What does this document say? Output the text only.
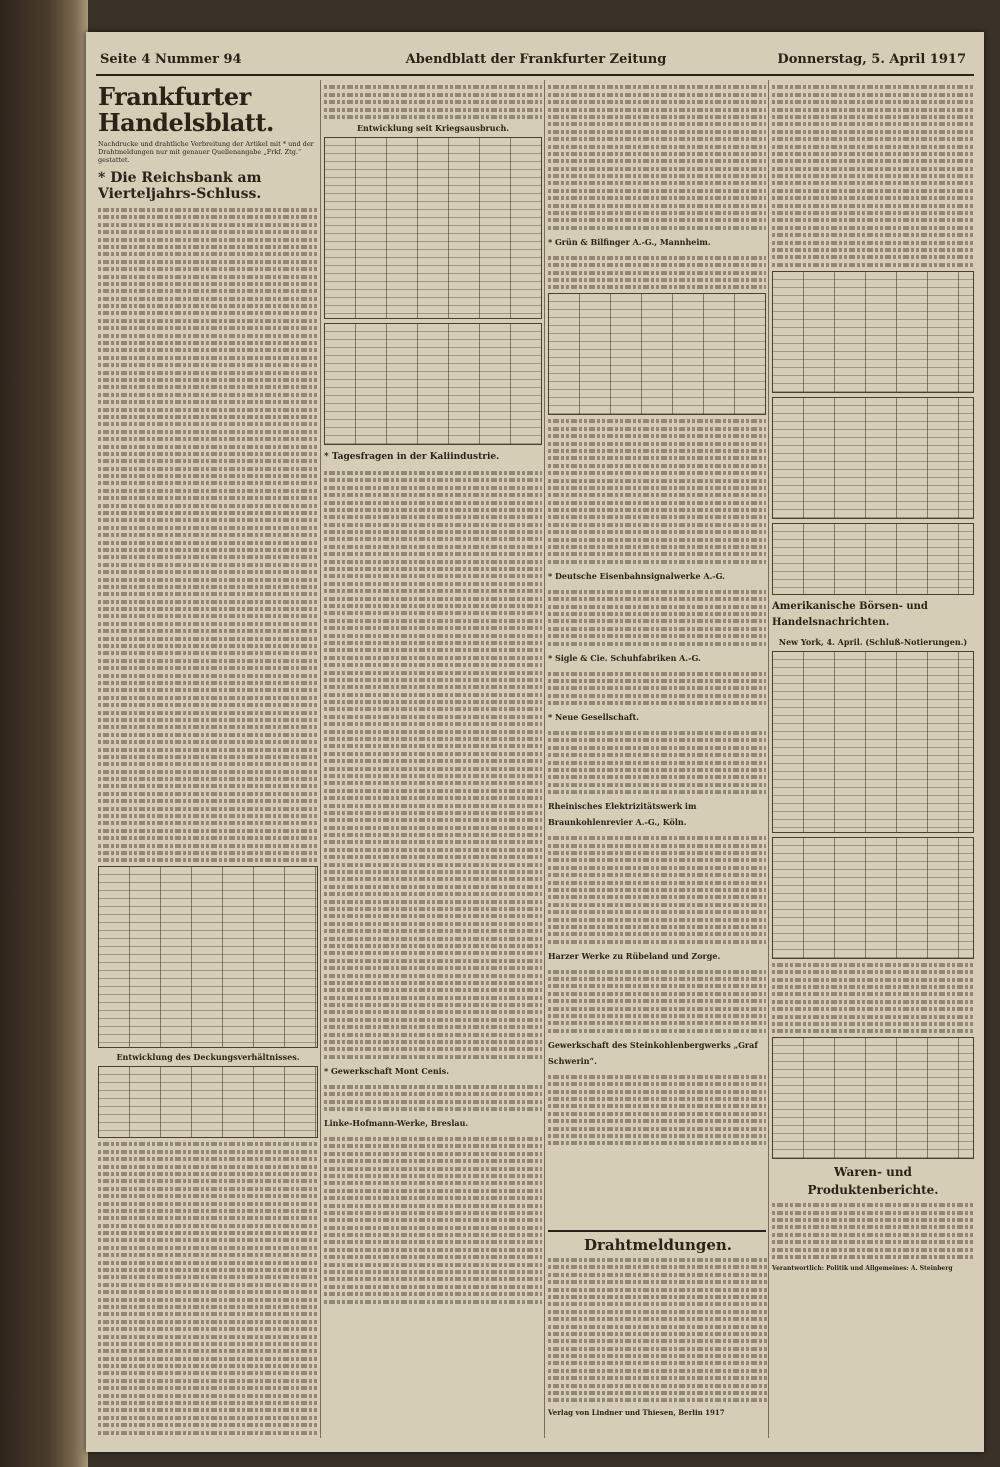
Seite 4 Nummer 94	Abendblatt der Frankfurter Zeitung	Donnerstag, 5. April 1917
Frankfurter Handelsblatt.
Nachdrucke und drahtliche Verbreitung der Artikel mit * und der Drahtmeldungen nur mit genauer Quellenangabe „Frkf. Ztg.“ gestattet.
* Die Reichsbank am Vierteljahrs-Schluss.
Entwicklung des Deckungsverhältnisses.
Entwicklung seit Kriegsausbruch.
* Tagesfragen in der Kaliindustrie.
* Gewerkschaft Mont Cenis.
Linke-Hofmann-Werke, Breslau.
* Grün & Bilfinger A.-G., Mannheim.
* Deutsche Eisenbahnsignalwerke A.-G.
* Sigle & Cie. Schuhfabriken A.-G.
* Neue Gesellschaft.
Rheinisches Elektrizitätswerk im Braunkohlenrevier A.-G., Köln.
Harzer Werke zu Rübeland und Zorge.
Gewerkschaft des Steinkohlenbergwerks „Graf Schwerin“.
Drahtmeldungen.
Verlag von Lindner und Thiesen, Berlin 1917
Amerikanische Börsen- und Handelsnachrichten.
New York, 4. April. (Schluß-Notierungen.)
Waren- und Produktenberichte.
Verantwortlich: Politik und Allgemeines: A. Steinberg
